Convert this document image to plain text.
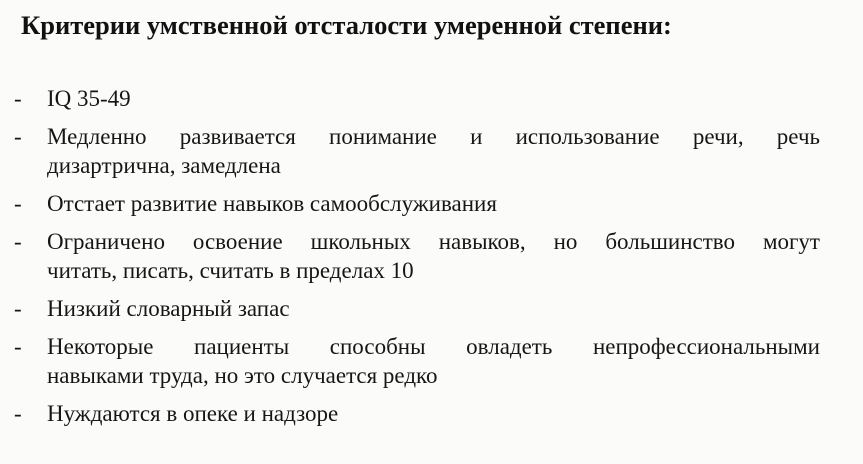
Критерии умственной отсталости умеренной степени:
-	IQ 35-49
-	Медленно развивается понимание и использование речи, речь
дизартрична, замедлена
-	Отстает развитие навыков самообслуживания
-	Ограничено освоение школьных навыков, но большинство могут
читать, писать, считать в пределах 10
-	Низкий словарный запас
-	Некоторые пациенты способны овладеть непрофессиональными
навыками труда, но это случается редко
-	Нуждаются в опеке и надзоре
